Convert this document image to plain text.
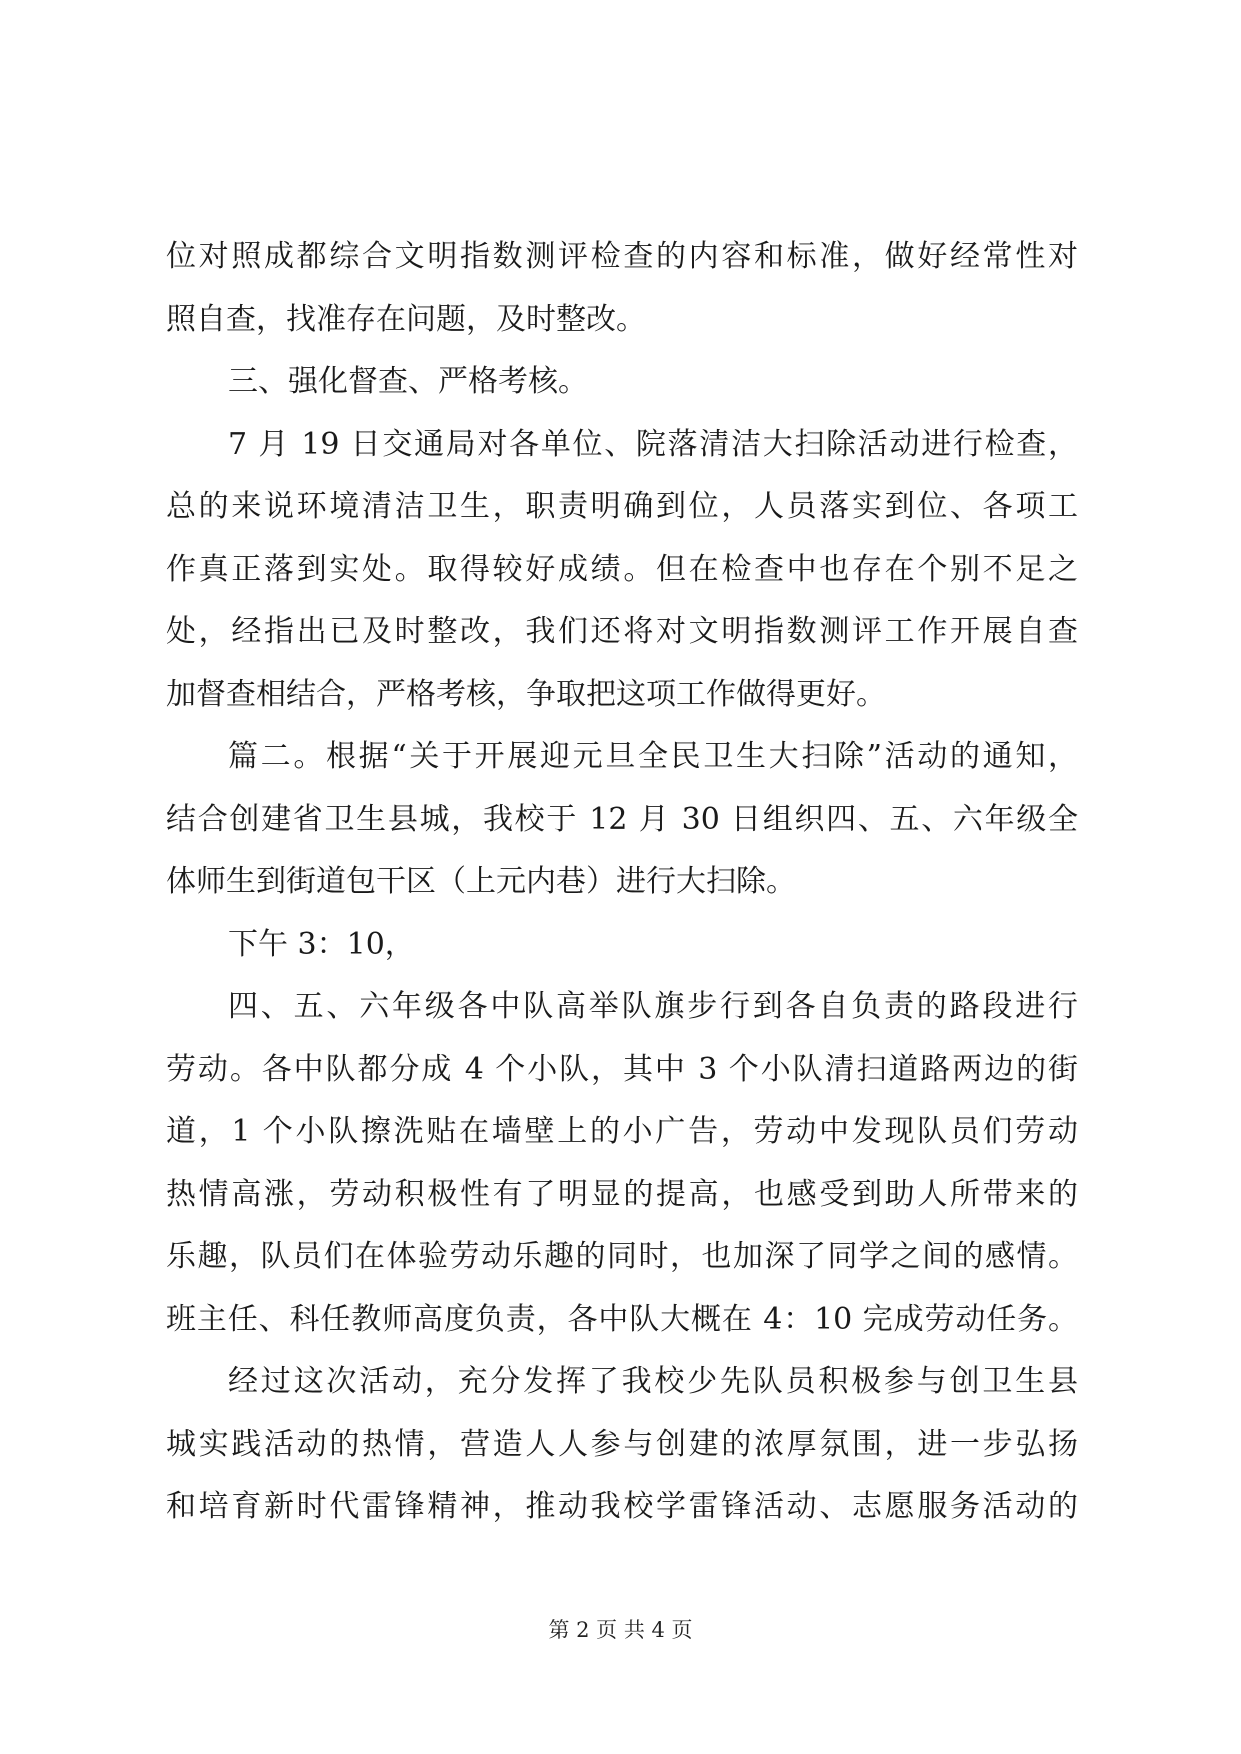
位对照成都综合文明指数测评检查的内容和标准，做好经常性对
照自查，找准存在问题，及时整改。
三、强化督查、严格考核。
7 月 19 日交通局对各单位、院落清洁大扫除活动进行检查，
总的来说环境清洁卫生，职责明确到位，人员落实到位、各项工
作真正落到实处。取得较好成绩。但在检查中也存在个别不足之
处，经指出已及时整改，我们还将对文明指数测评工作开展自查
加督查相结合，严格考核，争取把这项工作做得更好。
篇二。根据“关于开展迎元旦全民卫生大扫除”活动的通知，
结合创建省卫生县城，我校于 12 月 30 日组织四、五、六年级全
体师生到街道包干区（上元内巷）进行大扫除。
下午 3：10，
四、五、六年级各中队高举队旗步行到各自负责的路段进行
劳动。各中队都分成 4 个小队，其中 3 个小队清扫道路两边的街
道，1 个小队擦洗贴在墙壁上的小广告，劳动中发现队员们劳动
热情高涨，劳动积极性有了明显的提高，也感受到助人所带来的
乐趣，队员们在体验劳动乐趣的同时，也加深了同学之间的感情。
班主任、科任教师高度负责，各中队大概在 4：10 完成劳动任务。
经过这次活动，充分发挥了我校少先队员积极参与创卫生县
城实践活动的热情，营造人人参与创建的浓厚氛围，进一步弘扬
和培育新时代雷锋精神，推动我校学雷锋活动、志愿服务活动的
第 2 页 共 4 页
